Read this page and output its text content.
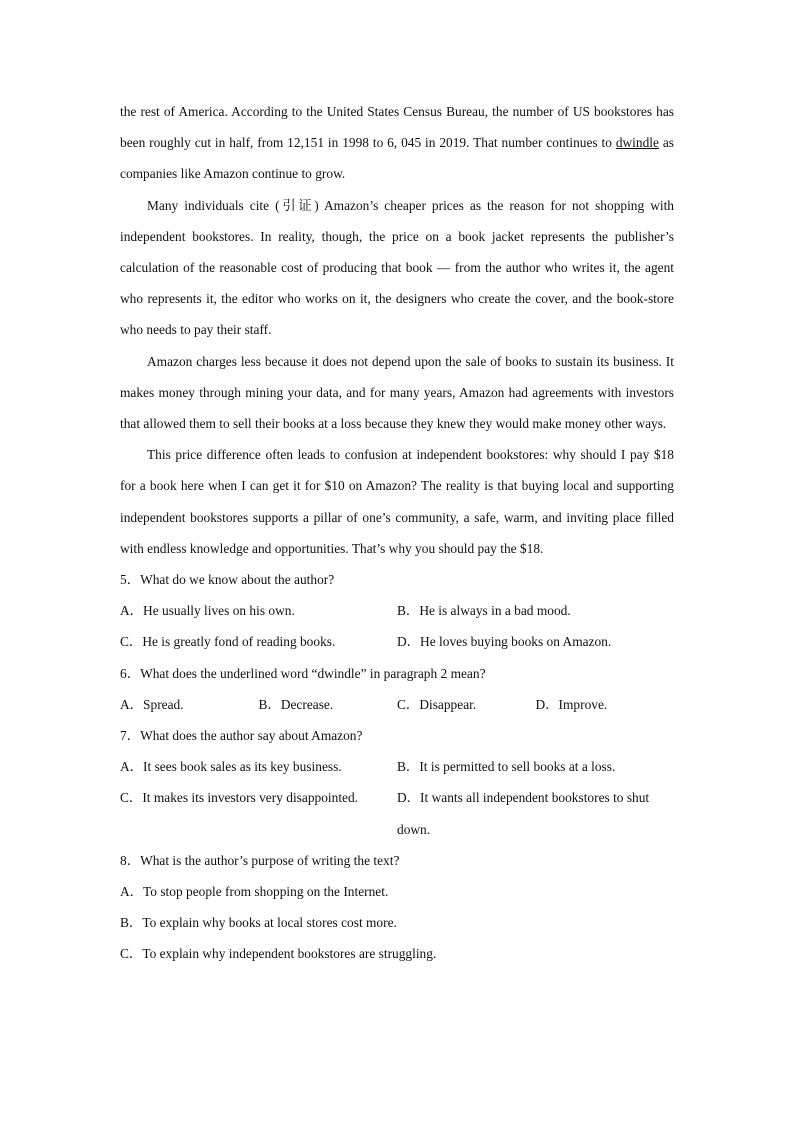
the rest of America. According to the United States Census Bureau, the number of US bookstores has been roughly cut in half, from 12,151 in 1998 to 6, 045 in 2019. That number continues to dwindle as companies like Amazon continue to grow.

Many individuals cite (引证) Amazon’s cheaper prices as the reason for not shopping with independent bookstores. In reality, though, the price on a book jacket represents the publisher’s calculation of the reasonable cost of producing that book — from the author who writes it, the agent who represents it, the editor who works on it, the designers who create the cover, and the book-store who needs to pay their staff.

Amazon charges less because it does not depend upon the sale of books to sustain its business. It makes money through mining your data, and for many years, Amazon had agreements with investors that allowed them to sell their books at a loss because they knew they would make money other ways.

This price difference often leads to confusion at independent bookstores: why should I pay $18 for a book here when I can get it for $10 on Amazon? The reality is that buying local and supporting independent bookstores supports a pillar of one’s community, a safe, warm, and inviting place filled with endless knowledge and opportunities. That’s why you should pay the $18.

5．What do we know about the author?

A．He usually lives on his own.	B．He is always in a bad mood.
C．He is greatly fond of reading books.	D．He loves buying books on Amazon.

6．What does the underlined word “dwindle” in paragraph 2 mean?

A．Spread.	B．Decrease.	C．Disappear.	D．Improve.

7．What does the author say about Amazon?

A．It sees book sales as its key business.	B．It is permitted to sell books at a loss.
C．It makes its investors very disappointed.	D．It wants all independent bookstores to shut down.

8．What is the author’s purpose of writing the text?

A．To stop people from shopping on the Internet.

B．To explain why books at local stores cost more.

C．To explain why independent bookstores are struggling.
